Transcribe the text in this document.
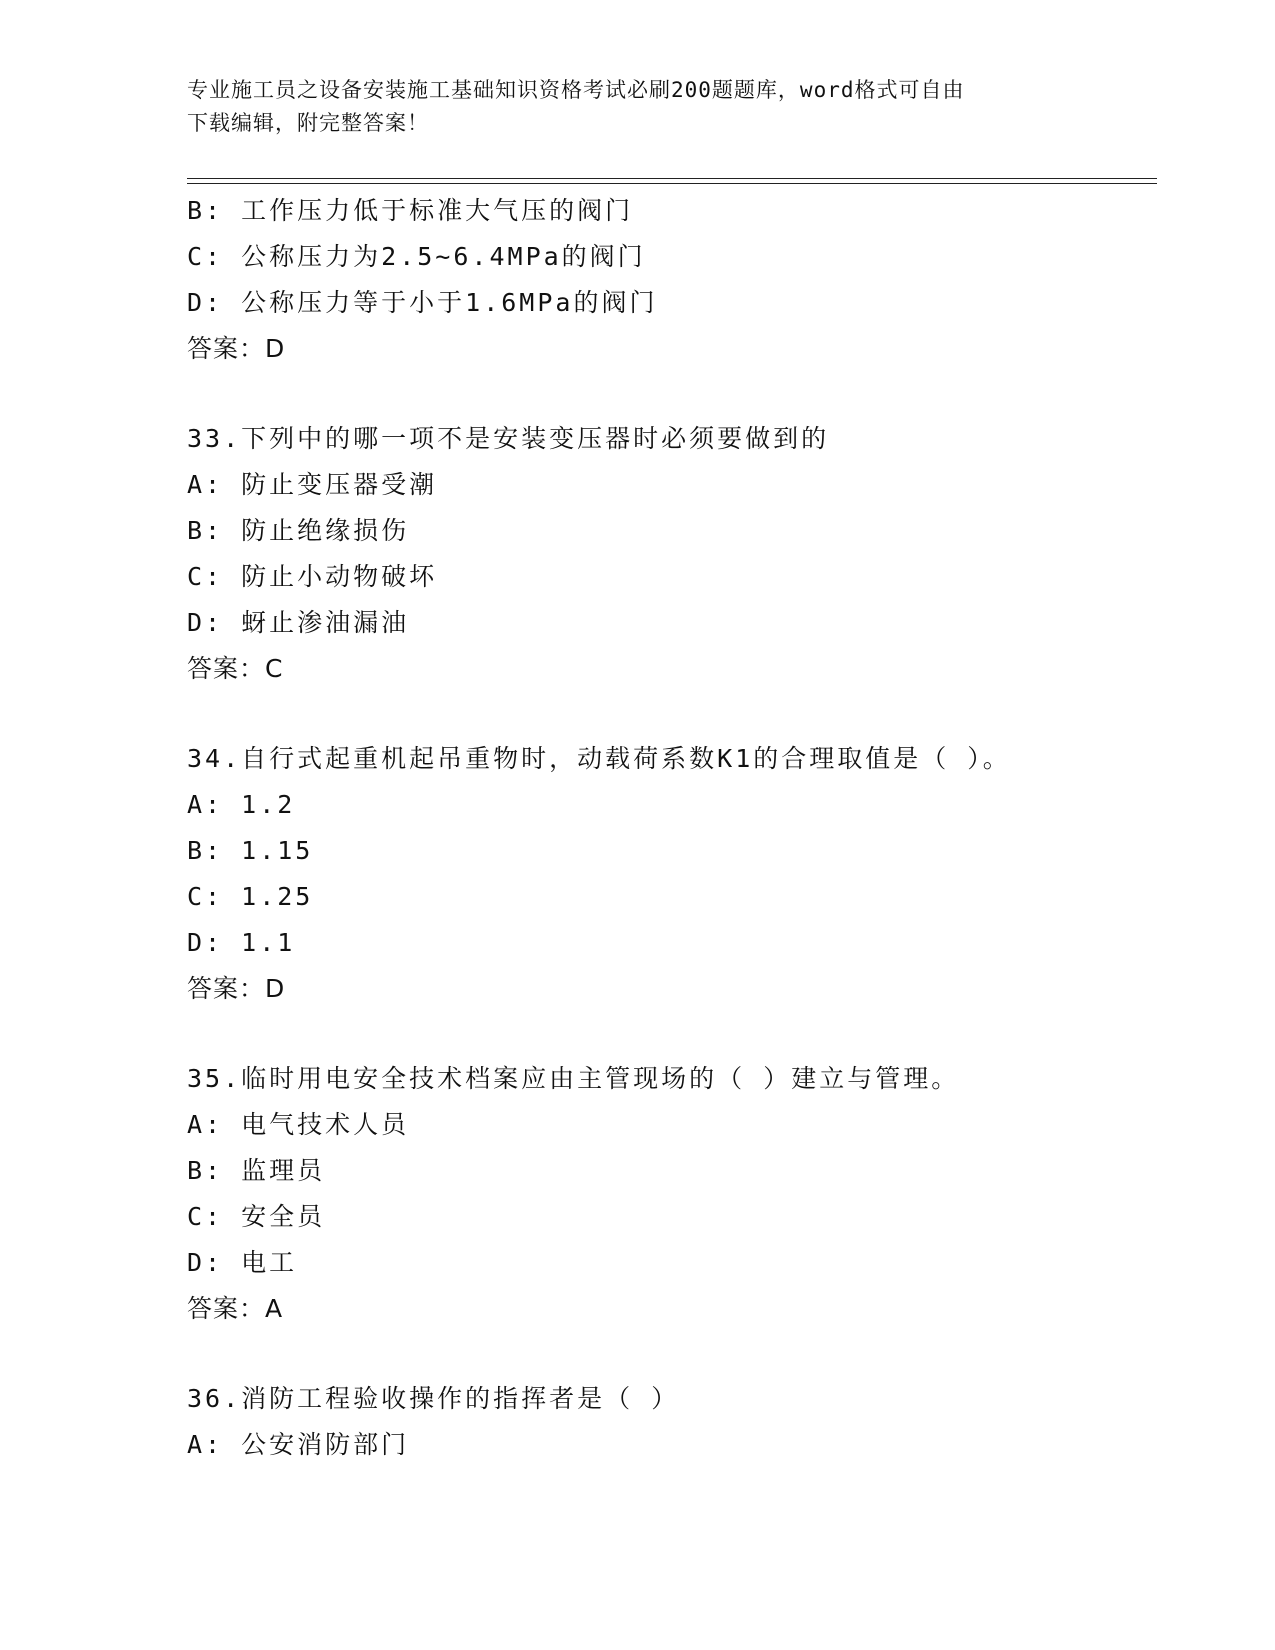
专业施工员之设备安装施工基础知识资格考试必刷200题题库，word格式可自由
下载编辑，附完整答案！
B: 工作压力低于标准大气压的阀门
C: 公称压力为2.5~6.4MPa的阀门
D: 公称压力等于小于1.6MPa的阀门
答案：D
33.下列中的哪一项不是安装变压器时必须要做到的
A: 防止变压器受潮
B: 防止绝缘损伤
C: 防止小动物破坏
D: 蚜止渗油漏油
答案：C
34.自行式起重机起吊重物时，动载荷系数K1的合理取值是（ ）。
A: 1.2
B: 1.15
C: 1.25
D: 1.1
答案：D
35.临时用电安全技术档案应由主管现场的（ ）建立与管理。
A: 电气技术人员
B: 监理员
C: 安全员
D: 电工
答案：A
36.消防工程验收操作的指挥者是（ ）
A: 公安消防部门
